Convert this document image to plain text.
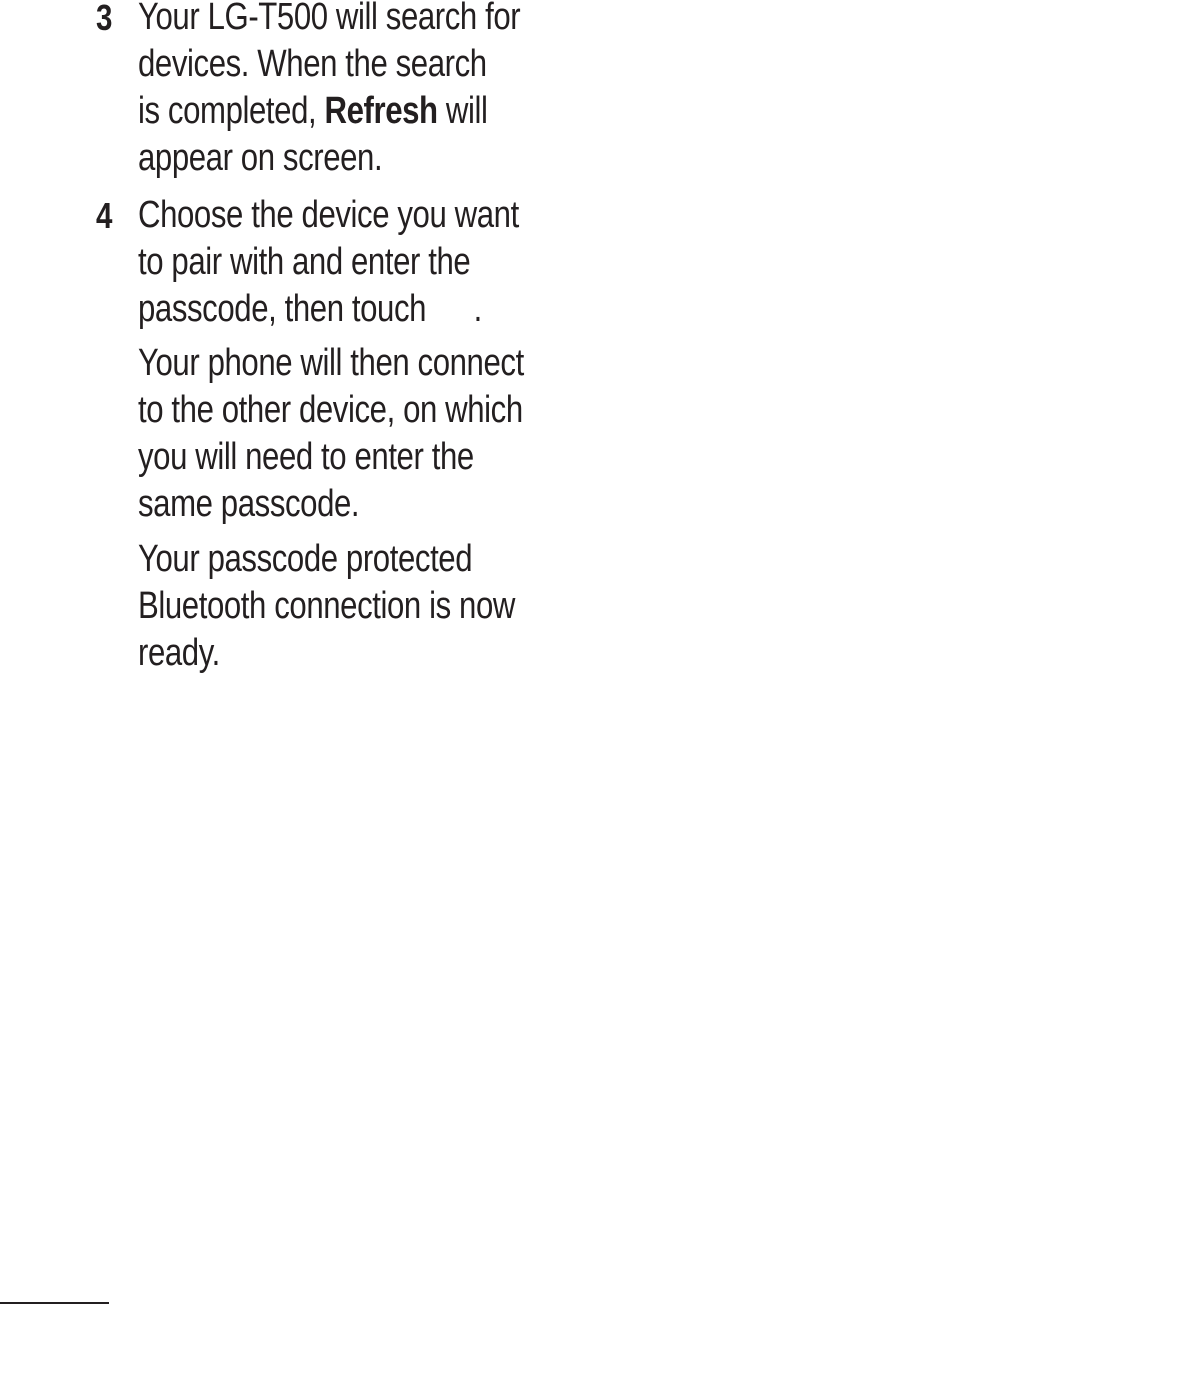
3 Your LG-T500 will search for
devices. When the search
is completed, Refresh will
appear on screen.
4 Choose the device you want
to pair with and enter the
passcode, then touch .
Your phone will then connect
to the other device, on which
you will need to enter the
same passcode.
Your passcode protected
Bluetooth connection is now
ready.
